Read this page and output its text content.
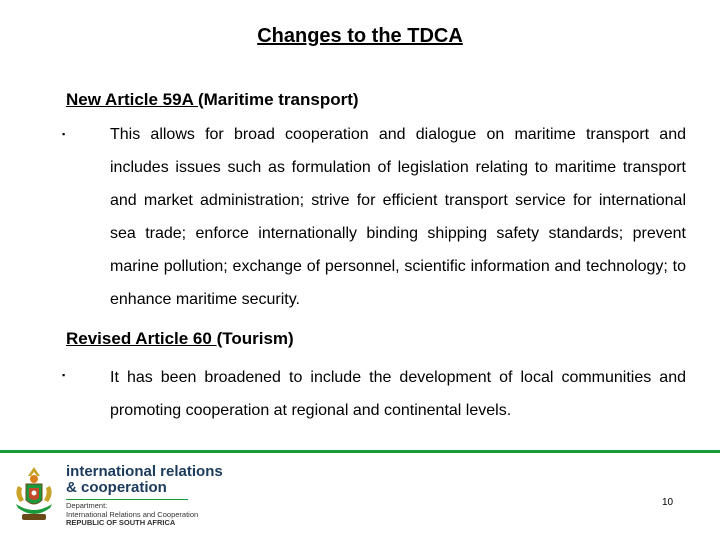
Changes to the TDCA
New Article 59A (Maritime transport)
▪	This allows for broad cooperation and dialogue on maritime transport and includes issues such as formulation of legislation relating to maritime transport and market administration; strive for efficient transport service for international sea trade; enforce internationally binding shipping safety standards; prevent marine pollution; exchange of personnel, scientific information and technology; to enhance maritime security.
Revised Article 60 (Tourism)
▪	It has been broadened to include the development of local communities and promoting cooperation at regional and continental levels.
international relations
& cooperation
Department:
International Relations and Cooperation
REPUBLIC OF SOUTH AFRICA
10
